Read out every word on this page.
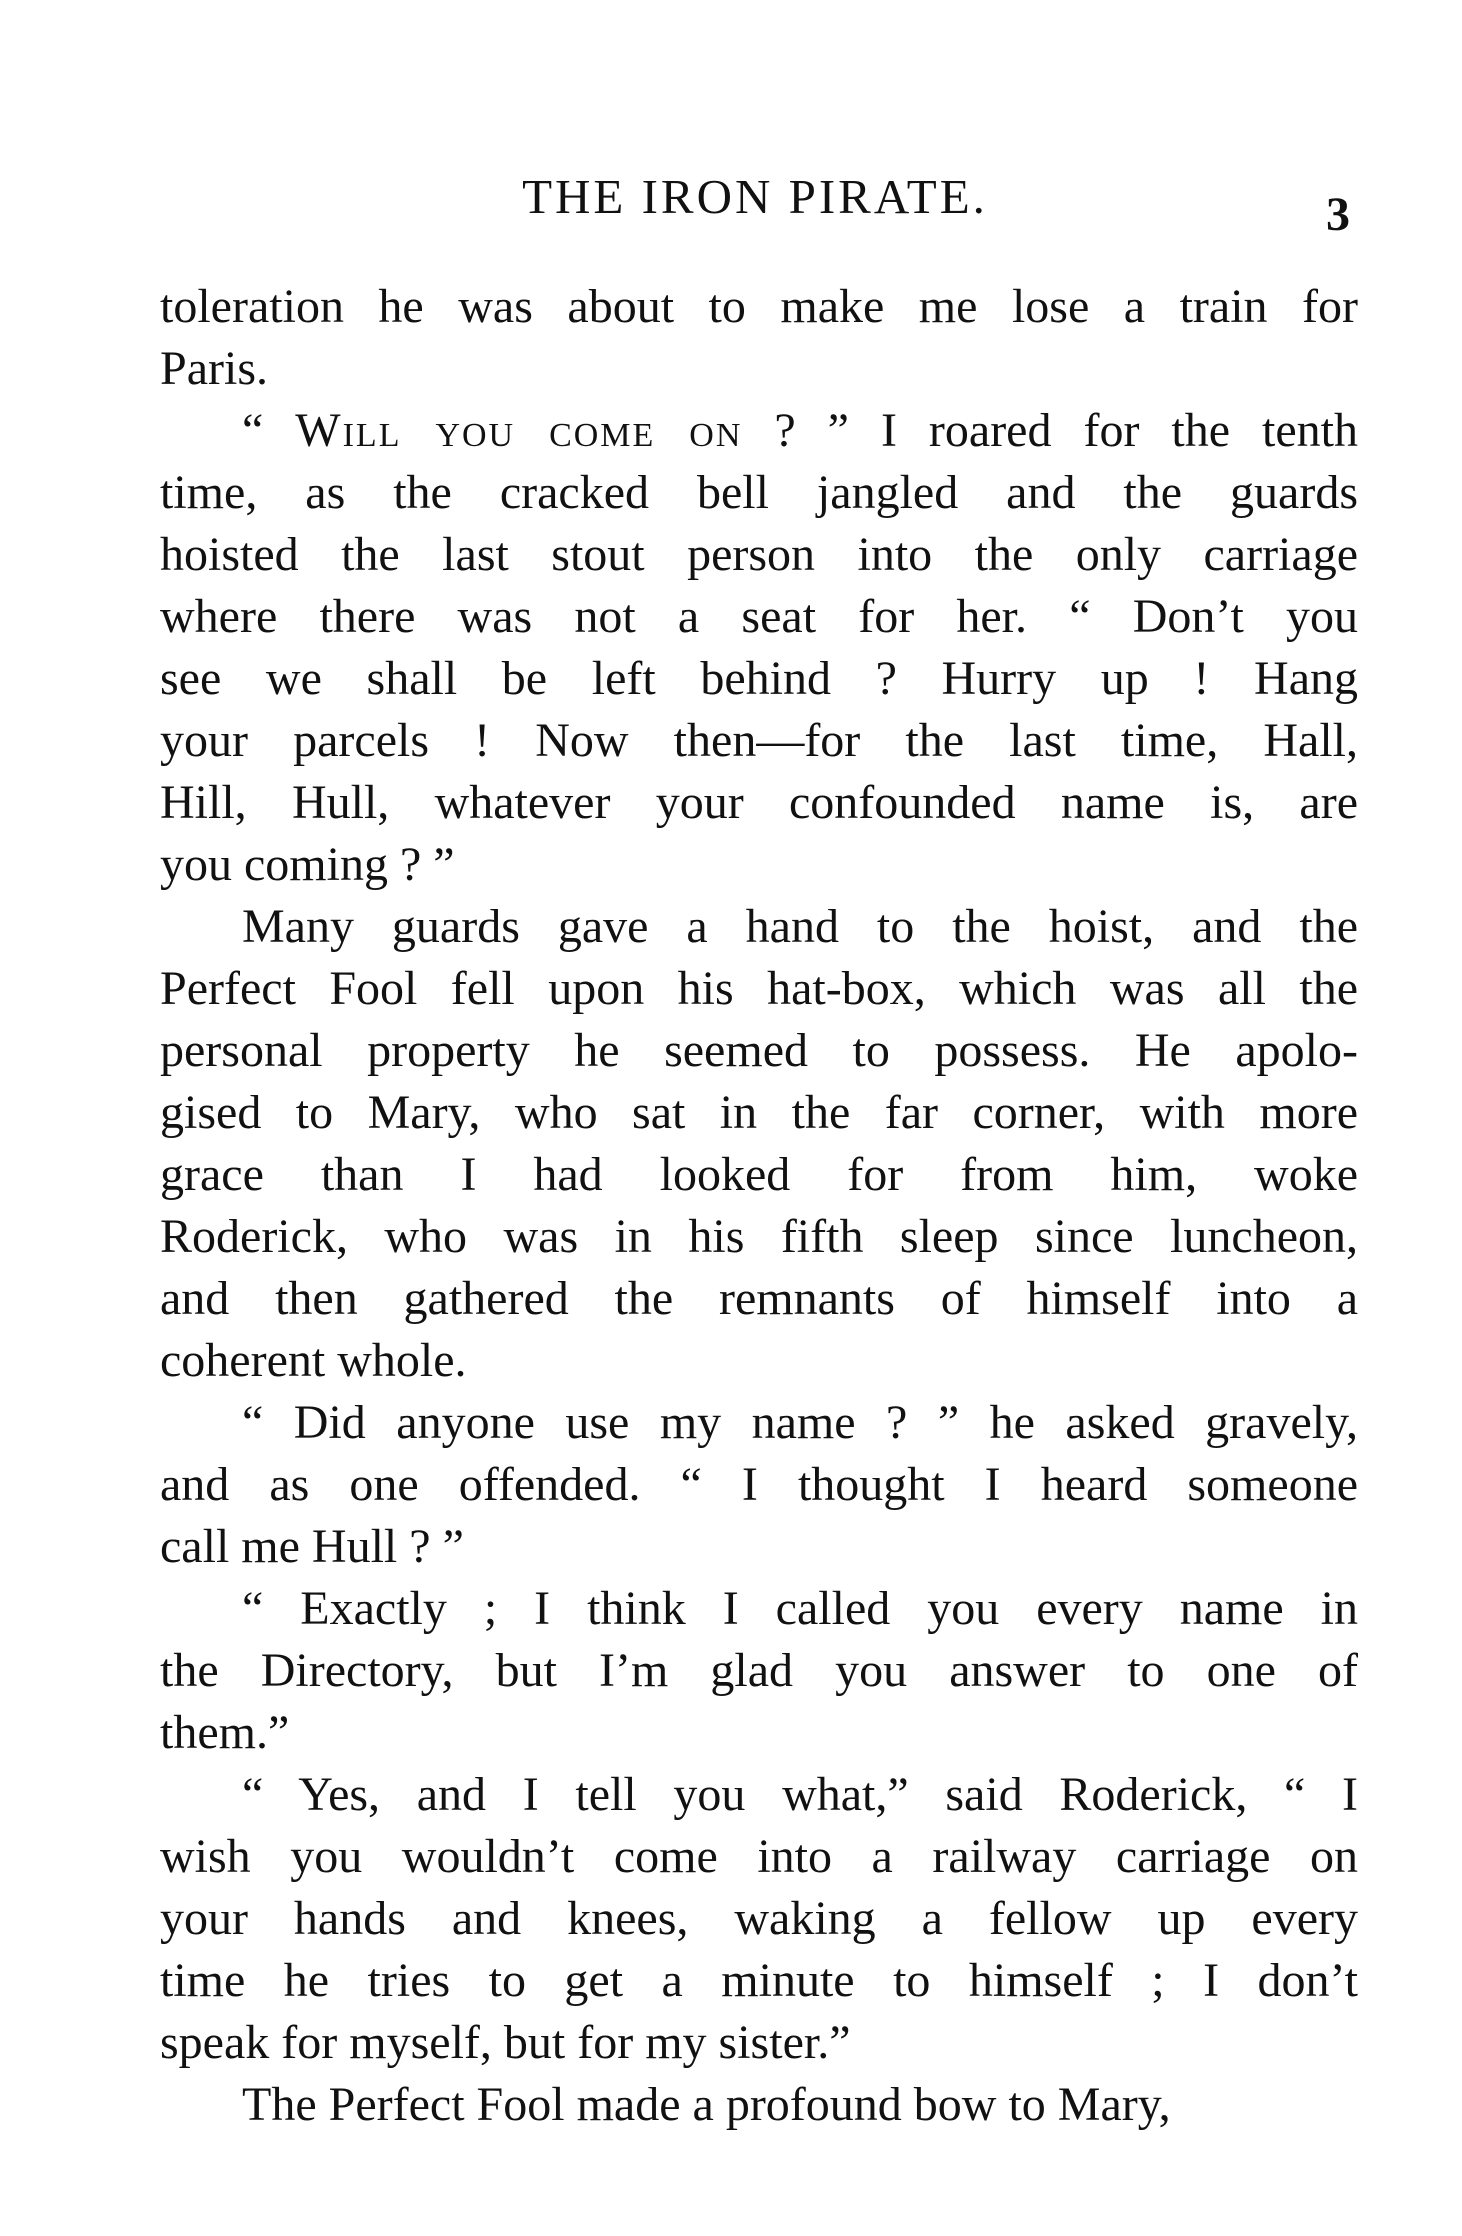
THE IRON PIRATE.	3
toleration he was about to make me lose a train for
Paris.
“ Will you come on ? ” I roared for the tenth
time, as the cracked bell jangled and the guards
hoisted the last stout person into the only carriage
where there was not a seat for her. “ Don’t you
see we shall be left behind ? Hurry up ! Hang
your parcels ! Now then—for the last time, Hall,
Hill, Hull, whatever your confounded name is, are
you coming ? ”
Many guards gave a hand to the hoist, and the
Perfect Fool fell upon his hat-box, which was all the
personal property he seemed to possess. He apolo-
gised to Mary, who sat in the far corner, with more
grace than I had looked for from him, woke
Roderick, who was in his fifth sleep since luncheon,
and then gathered the remnants of himself into a
coherent whole.
“ Did anyone use my name ? ” he asked gravely,
and as one offended. “ I thought I heard someone
call me Hull ? ”
“ Exactly ; I think I called you every name in
the Directory, but I’m glad you answer to one of
them.”
“ Yes, and I tell you what,” said Roderick, “ I
wish you wouldn’t come into a railway carriage on
your hands and knees, waking a fellow up every
time he tries to get a minute to himself ; I don’t
speak for myself, but for my sister.”
The Perfect Fool made a profound bow to Mary,
